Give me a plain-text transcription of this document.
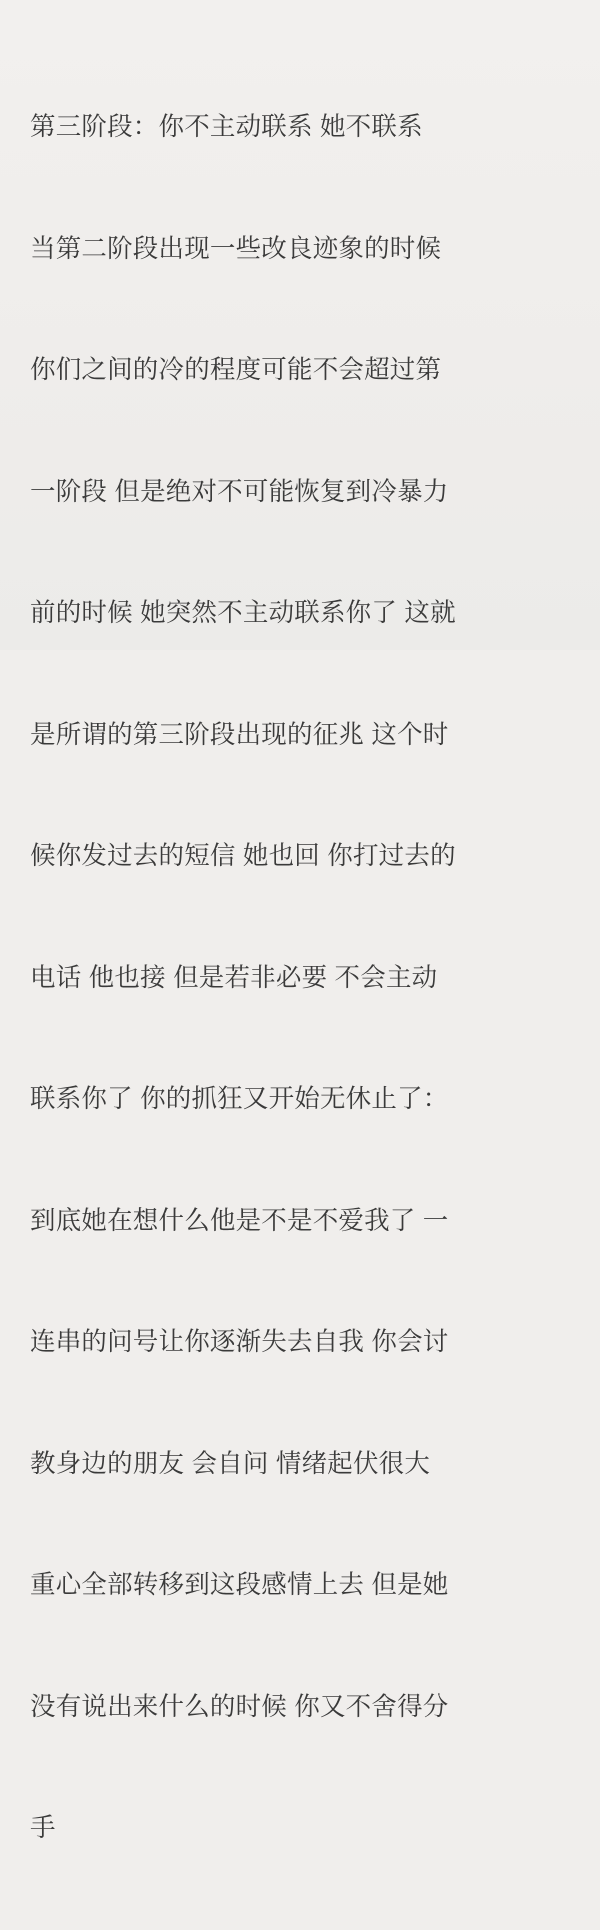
第三阶段：你不主动联系 她不联系

当第二阶段出现一些改良迹象的时候

你们之间的冷的程度可能不会超过第

一阶段 但是绝对不可能恢复到冷暴力

前的时候 她突然不主动联系你了 这就

是所谓的第三阶段出现的征兆 这个时

候你发过去的短信 她也回 你打过去的

电话 他也接 但是若非必要 不会主动

联系你了 你的抓狂又开始无休止了：

到底她在想什么他是不是不爱我了 一

连串的问号让你逐渐失去自我 你会讨

教身边的朋友 会自问 情绪起伏很大

重心全部转移到这段感情上去 但是她

没有说出来什么的时候 你又不舍得分

手
